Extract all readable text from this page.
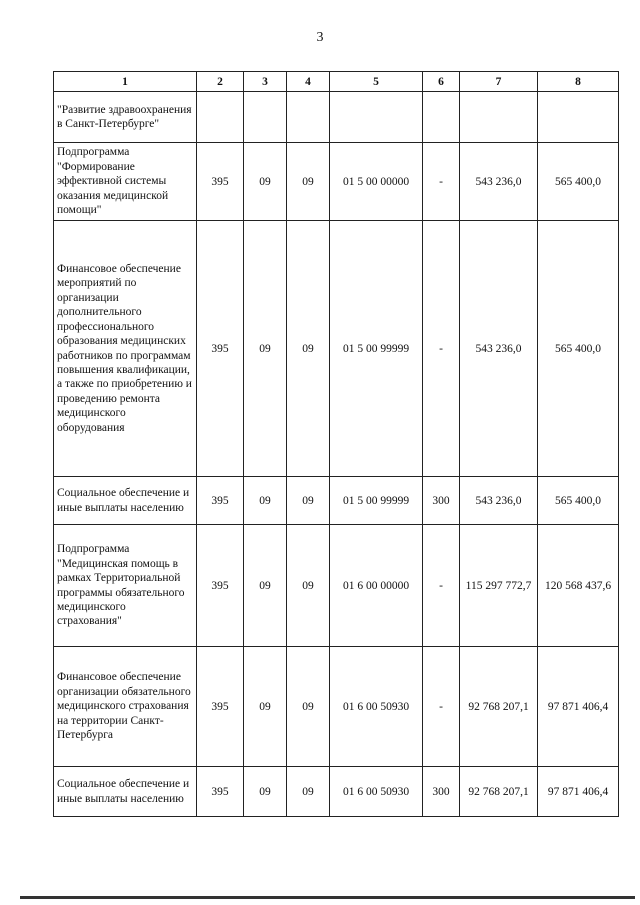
3
1	2	3	4	5	6	7	8
"Развитие здравоохранения в Санкт-Петербурге"							
Подпрограмма "Формирование эффективной системы оказания медицинской помощи"	395	09	09	01 5 00 00000	-	543 236,0	565 400,0
Финансовое обеспечение мероприятий по организации дополнительного профессионального образования медицинских работников по программам повышения квалификации, а также по приобретению и проведению ремонта медицинского оборудования	395	09	09	01 5 00 99999	-	543 236,0	565 400,0
Социальное обеспечение и иные выплаты населению	395	09	09	01 5 00 99999	300	543 236,0	565 400,0
Подпрограмма "Медицинская помощь в рамках Территориальной программы обязательного медицинского страхования"	395	09	09	01 6 00 00000	-	115 297 772,7	120 568 437,6
Финансовое обеспечение организации обязательного медицинского страхования на территории Санкт-Петербурга	395	09	09	01 6 00 50930	-	92 768 207,1	97 871 406,4
Социальное обеспечение и иные выплаты населению	395	09	09	01 6 00 50930	300	92 768 207,1	97 871 406,4
